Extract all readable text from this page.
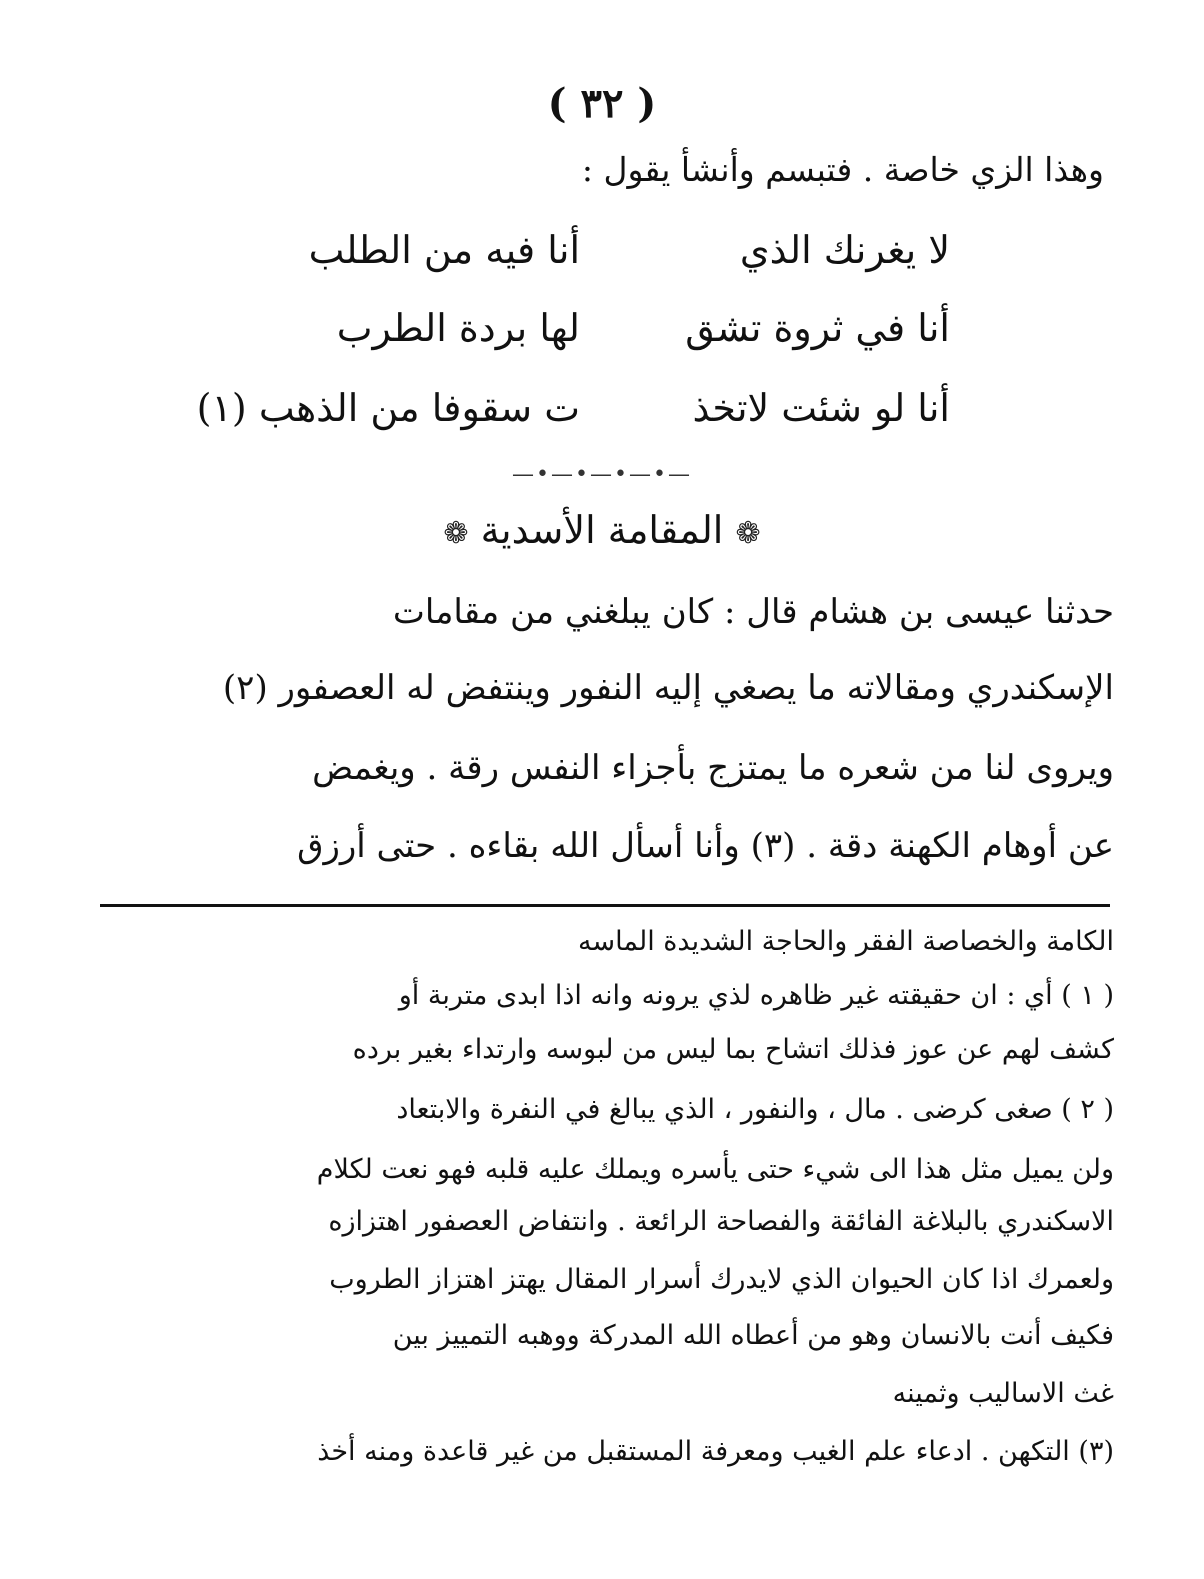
( ٣٢ )
وهذا الزي خاصة . فتبسم وأنشأ يقول :
لا يغرنك الذي
أنا فيه من الطلب
أنا في ثروة تشق
لها بردة الطرب
أنا لو شئت لاتخذ
ت سقوفا من الذهب (١)
—•—•—•—•—
❁ المقامة الأسدية ❁
حدثنا عيسى بن هشام قال : كان يبلغني من مقامات
الإسكندري ومقالاته ما يصغي إليه النفور وينتفض له العصفور (٢)
ويروى لنا من شعره ما يمتزج بأجزاء النفس رقة . ويغمض
عن أوهام الكهنة دقة . (٣) وأنا أسأل الله بقاءه . حتى أرزق
الكامة والخصاصة الفقر والحاجة الشديدة الماسه
( ١ ) أي : ان حقيقته غير ظاهره لذي يرونه وانه اذا ابدى متربة أو
كشف لهم عن عوز فذلك اتشاح بما ليس من لبوسه وارتداء بغير برده
( ٢ ) صغى كرضى . مال ، والنفور ، الذي يبالغ في النفرة والابتعاد
ولن يميل مثل هذا الى شيء حتى يأسره ويملك عليه قلبه فهو نعت لكلام
الاسكندري بالبلاغة الفائقة والفصاحة الرائعة . وانتفاض العصفور اهتزازه
ولعمرك اذا كان الحيوان الذي لايدرك أسرار المقال يهتز اهتزاز الطروب
فكيف أنت بالانسان وهو من أعطاه الله المدركة ووهبه التمييز بين
غث الاساليب وثمينه
(٣) التكهن . ادعاء علم الغيب ومعرفة المستقبل من غير قاعدة ومنه أخذ
